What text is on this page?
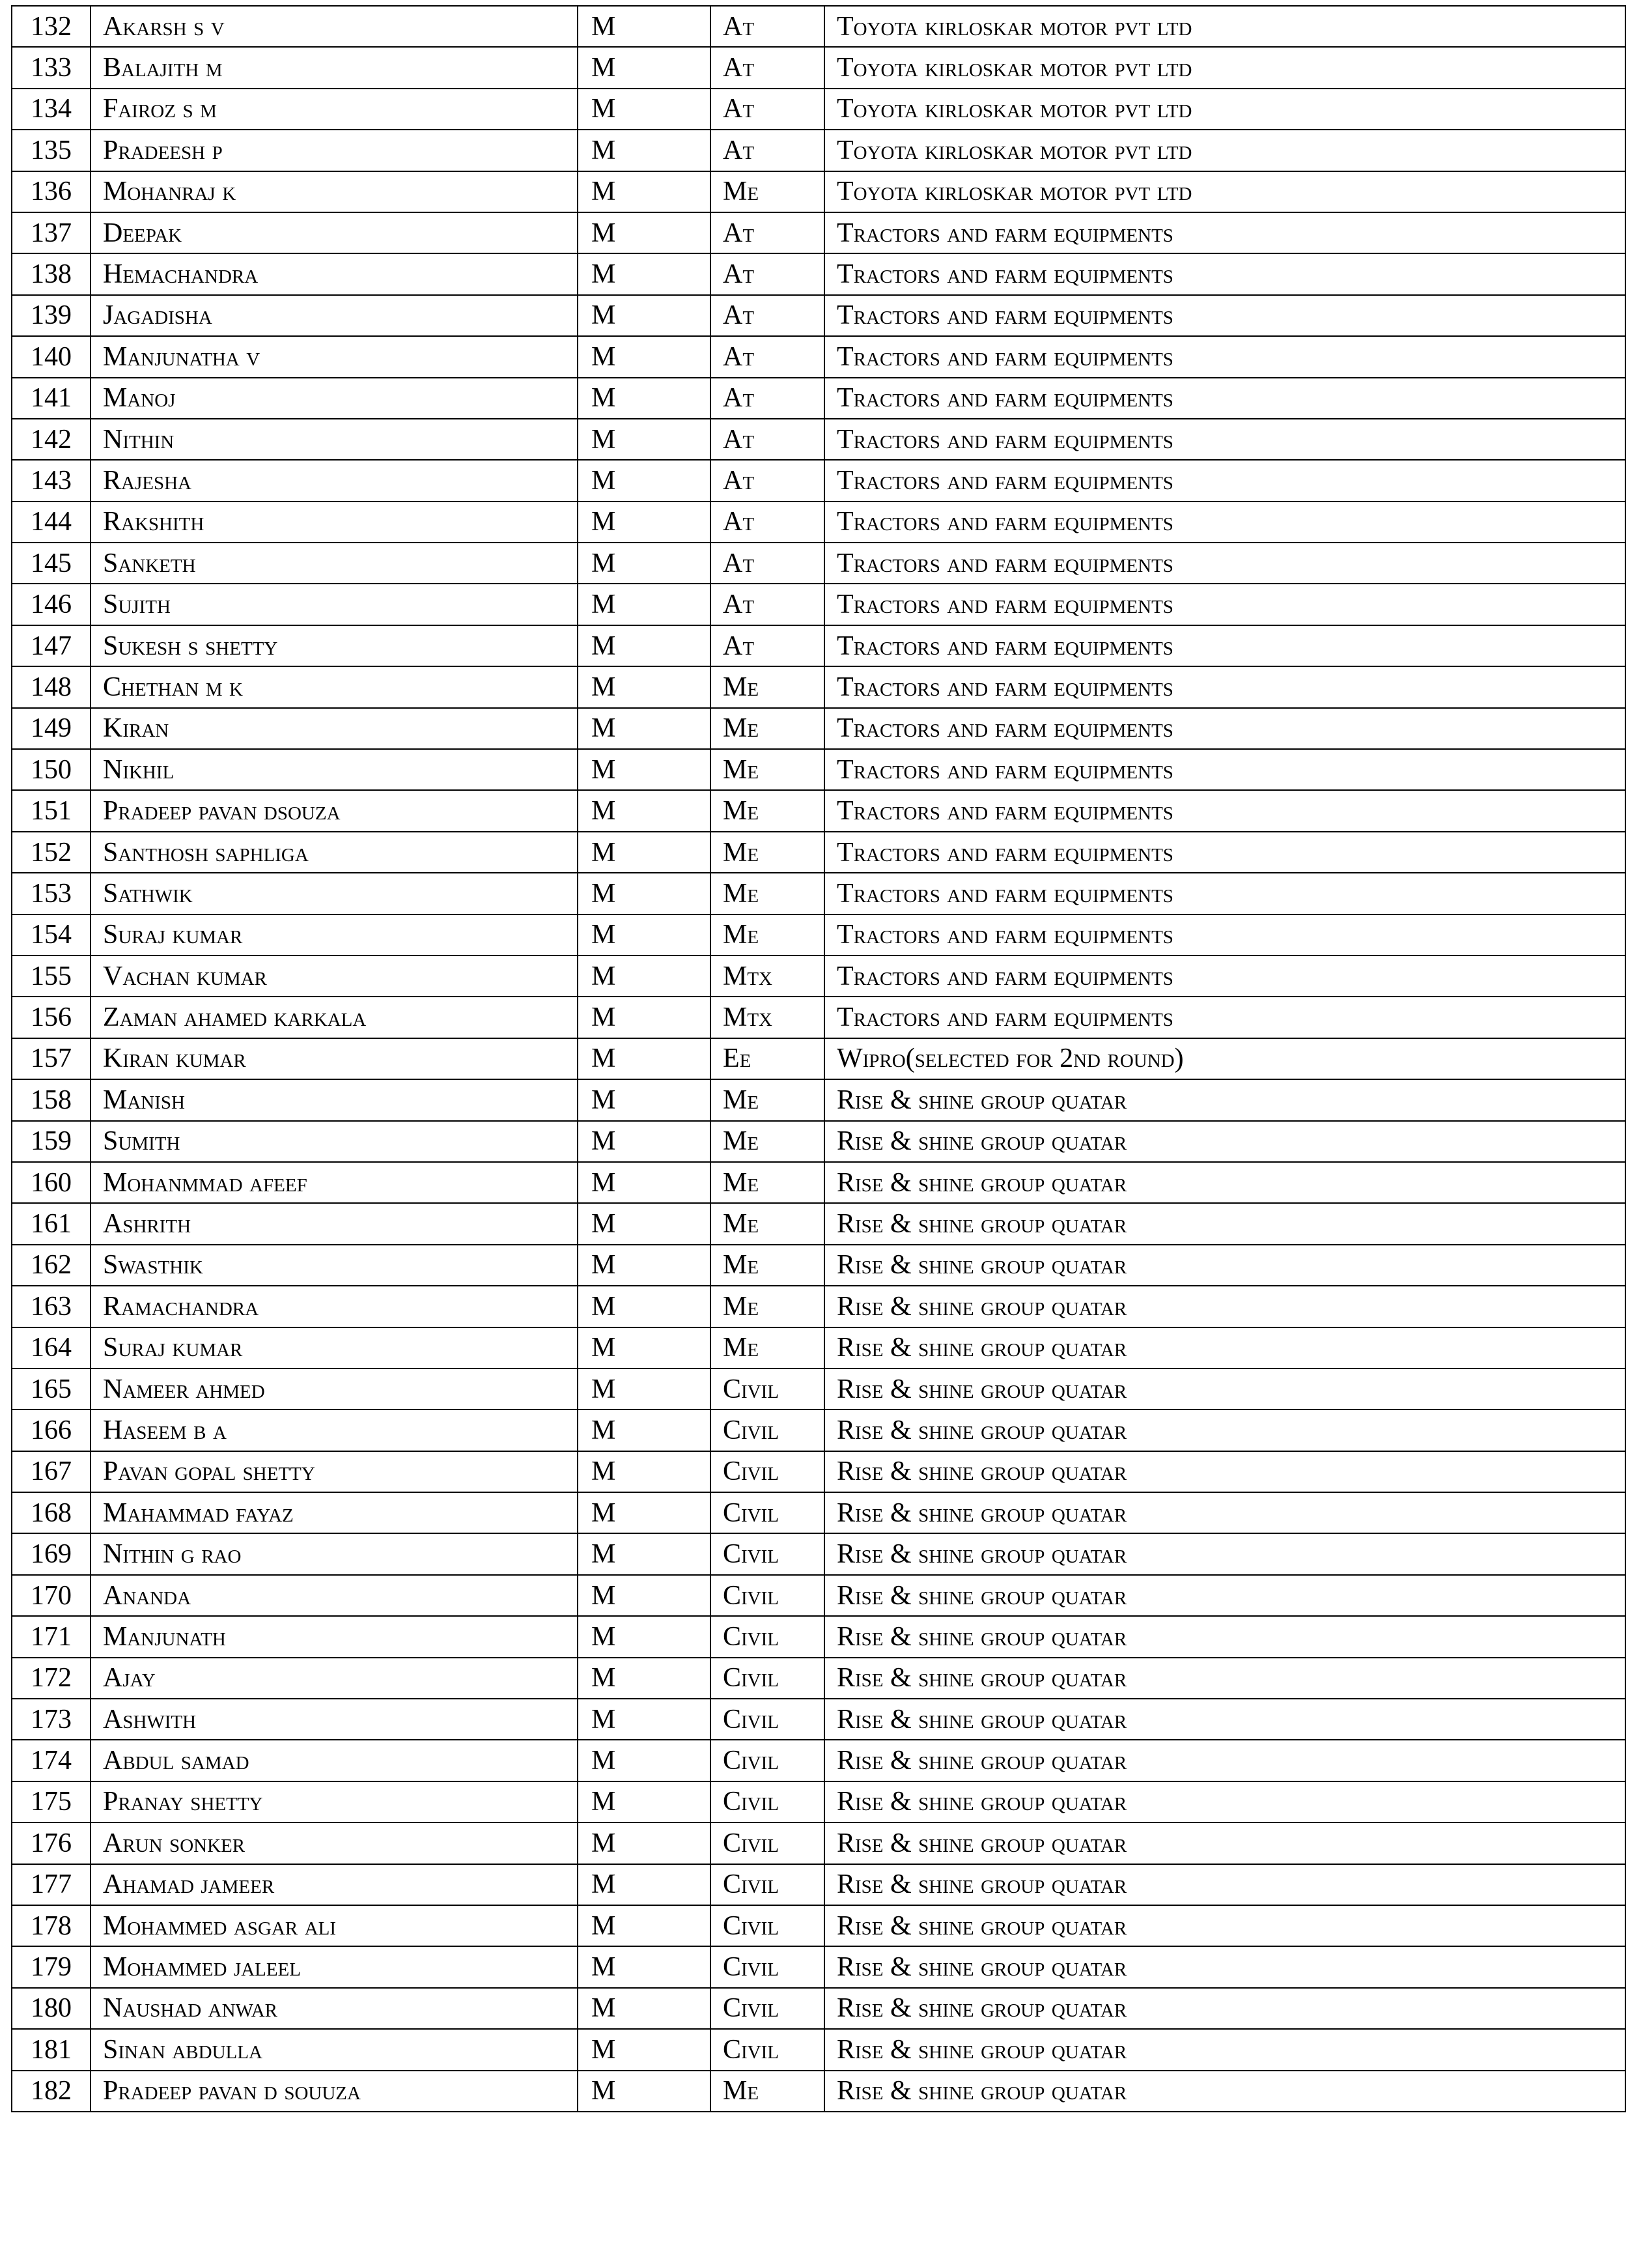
132	Akarsh s v	M	At	Toyota kirloskar motor pvt ltd
133	Balajith m	M	At	Toyota kirloskar motor pvt ltd
134	Fairoz s m	M	At	Toyota kirloskar motor pvt ltd
135	Pradeesh p	M	At	Toyota kirloskar motor pvt ltd
136	Mohanraj k	M	Me	Toyota kirloskar motor pvt ltd
137	Deepak	M	At	Tractors and farm equipments
138	Hemachandra	M	At	Tractors and farm equipments
139	Jagadisha	M	At	Tractors and farm equipments
140	Manjunatha v	M	At	Tractors and farm equipments
141	Manoj	M	At	Tractors and farm equipments
142	Nithin	M	At	Tractors and farm equipments
143	Rajesha	M	At	Tractors and farm equipments
144	Rakshith	M	At	Tractors and farm equipments
145	Sanketh	M	At	Tractors and farm equipments
146	Sujith	M	At	Tractors and farm equipments
147	Sukesh s shetty	M	At	Tractors and farm equipments
148	Chethan m k	M	Me	Tractors and farm equipments
149	Kiran	M	Me	Tractors and farm equipments
150	Nikhil	M	Me	Tractors and farm equipments
151	Pradeep pavan dsouza	M	Me	Tractors and farm equipments
152	Santhosh saphliga	M	Me	Tractors and farm equipments
153	Sathwik	M	Me	Tractors and farm equipments
154	Suraj kumar	M	Me	Tractors and farm equipments
155	Vachan kumar	M	Mtx	Tractors and farm equipments
156	Zaman ahamed karkala	M	Mtx	Tractors and farm equipments
157	Kiran kumar	M	Ee	Wipro(selected for 2nd round)
158	Manish	M	Me	Rise & shine group quatar
159	Sumith	M	Me	Rise & shine group quatar
160	Mohanmmad afeef	M	Me	Rise & shine group quatar
161	Ashrith	M	Me	Rise & shine group quatar
162	Swasthik	M	Me	Rise & shine group quatar
163	Ramachandra	M	Me	Rise & shine group quatar
164	Suraj kumar	M	Me	Rise & shine group quatar
165	Nameer ahmed	M	Civil	Rise & shine group quatar
166	Haseem b a	M	Civil	Rise & shine group quatar
167	Pavan gopal shetty	M	Civil	Rise & shine group quatar
168	Mahammad fayaz	M	Civil	Rise & shine group quatar
169	Nithin g rao	M	Civil	Rise & shine group quatar
170	Ananda	M	Civil	Rise & shine group quatar
171	Manjunath	M	Civil	Rise & shine group quatar
172	Ajay	M	Civil	Rise & shine group quatar
173	Ashwith	M	Civil	Rise & shine group quatar
174	Abdul samad	M	Civil	Rise & shine group quatar
175	Pranay shetty	M	Civil	Rise & shine group quatar
176	Arun sonker	M	Civil	Rise & shine group quatar
177	Ahamad jameer	M	Civil	Rise & shine group quatar
178	Mohammed asgar ali	M	Civil	Rise & shine group quatar
179	Mohammed jaleel	M	Civil	Rise & shine group quatar
180	Naushad anwar	M	Civil	Rise & shine group quatar
181	Sinan abdulla	M	Civil	Rise & shine group quatar
182	Pradeep pavan d souuza	M	Me	Rise & shine group quatar
